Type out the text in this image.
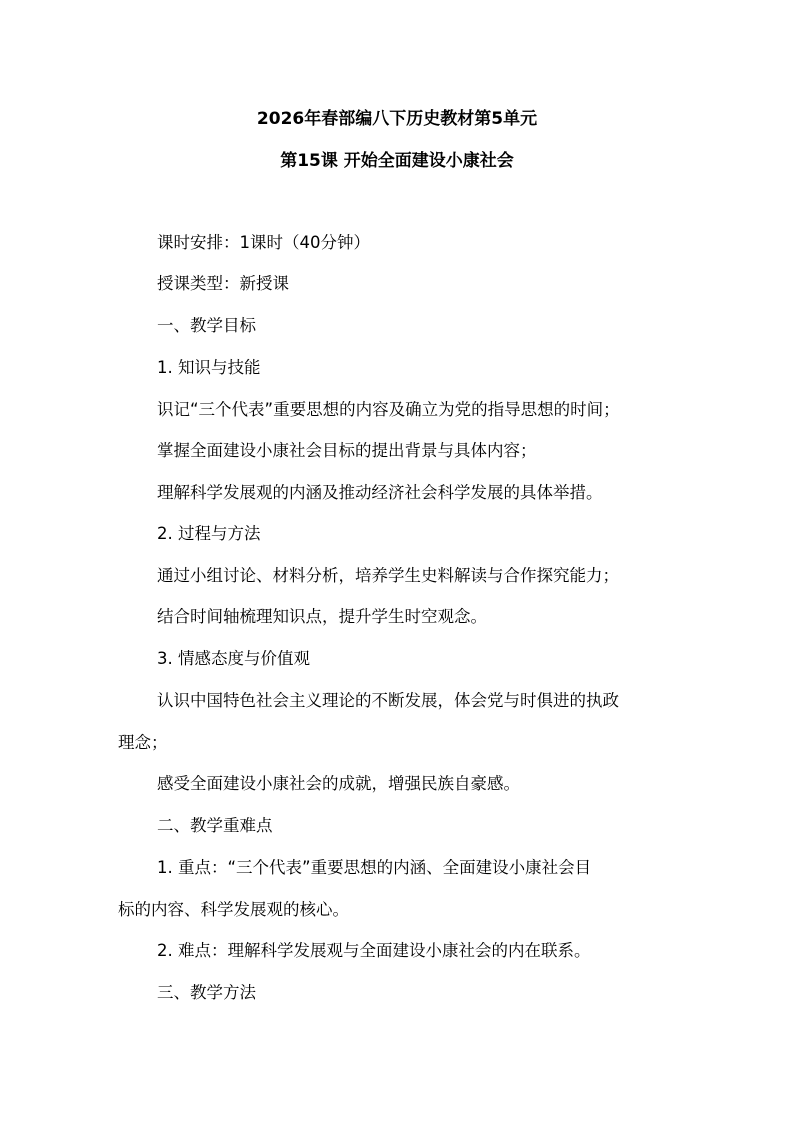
2026年春部编八下历史教材第5单元
第15课 开始全面建设小康社会
课时安排：1课时（40分钟）
授课类型：新授课
一、教学目标
1. 知识与技能
识记“三个代表”重要思想的内容及确立为党的指导思想的时间；
掌握全面建设小康社会目标的提出背景与具体内容；
理解科学发展观的内涵及推动经济社会科学发展的具体举措。
2. 过程与方法
通过小组讨论、材料分析，培养学生史料解读与合作探究能力；
结合时间轴梳理知识点，提升学生时空观念。
3. 情感态度与价值观
认识中国特色社会主义理论的不断发展，体会党与时俱进的执政
理念；
感受全面建设小康社会的成就，增强民族自豪感。
二、教学重难点
1. 重点：“三个代表”重要思想的内涵、全面建设小康社会目
标的内容、科学发展观的核心。
2. 难点：理解科学发展观与全面建设小康社会的内在联系。
三、教学方法
